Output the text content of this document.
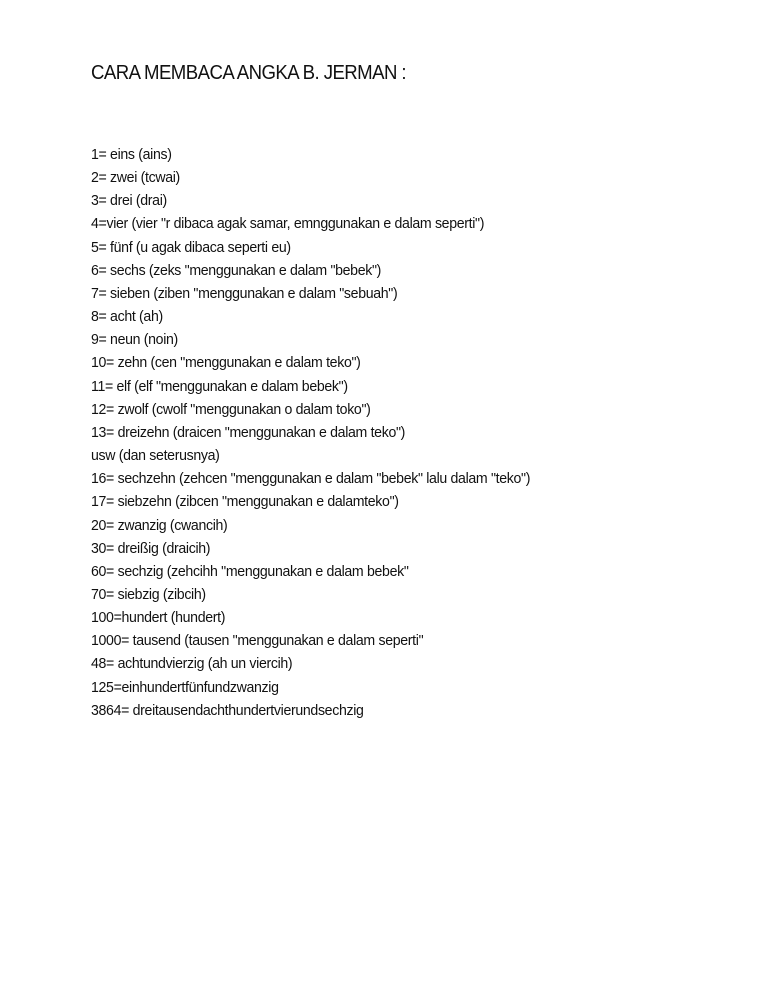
CARA MEMBACA ANGKA B. JERMAN :
1= eins (ains)
2= zwei (tcwai)
3= drei (drai)
4=vier (vier "r dibaca agak samar, emnggunakan e dalam seperti")
5= fünf (u agak dibaca seperti eu)
6= sechs (zeks "menggunakan e dalam "bebek")
7= sieben (ziben "menggunakan e dalam "sebuah")
8= acht (ah)
9= neun (noin)
10= zehn (cen "menggunakan e dalam teko")
11= elf (elf "menggunakan e dalam bebek")
12= zwolf (cwolf "menggunakan o dalam toko")
13= dreizehn (draicen "menggunakan e dalam teko")
usw (dan seterusnya)
16= sechzehn (zehcen "menggunakan e dalam "bebek" lalu dalam "teko")
17= siebzehn (zibcen "menggunakan e dalamteko")
20= zwanzig (cwancih)
30= dreißig (draicih)
60= sechzig (zehcihh "menggunakan e dalam bebek"
70= siebzig (zibcih)
100=hundert (hundert)
1000= tausend (tausen "menggunakan e dalam seperti"
48= achtundvierzig (ah un viercih)
125=einhundertfünfundzwanzig
3864= dreitausendachthundertvierundsechzig
